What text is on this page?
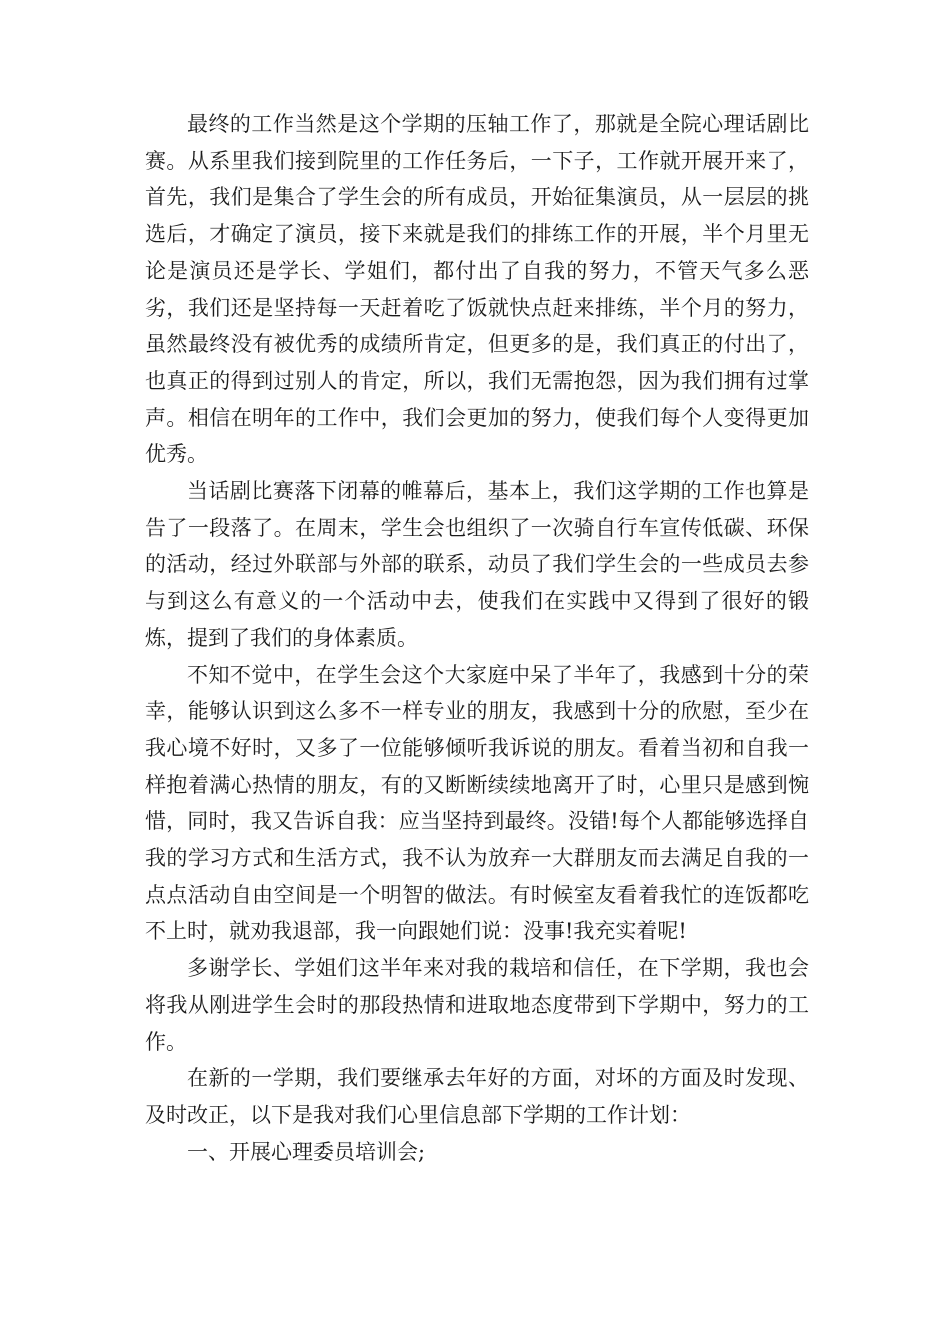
最终的工作当然是这个学期的压轴工作了，那就是全院心理话剧比赛。从系里我们接到院里的工作任务后，一下子，工作就开展开来了，首先，我们是集合了学生会的所有成员，开始征集演员，从一层层的挑选后，才确定了演员，接下来就是我们的排练工作的开展，半个月里无论是演员还是学长、学姐们，都付出了自我的努力，不管天气多么恶劣，我们还是坚持每一天赶着吃了饭就快点赶来排练，半个月的努力，虽然最终没有被优秀的成绩所肯定，但更多的是，我们真正的付出了，也真正的得到过别人的肯定，所以，我们无需抱怨，因为我们拥有过掌声。相信在明年的工作中，我们会更加的努力，使我们每个人变得更加优秀。

当话剧比赛落下闭幕的帷幕后，基本上，我们这学期的工作也算是告了一段落了。在周末，学生会也组织了一次骑自行车宣传低碳、环保的活动，经过外联部与外部的联系，动员了我们学生会的一些成员去参与到这么有意义的一个活动中去，使我们在实践中又得到了很好的锻炼，提到了我们的身体素质。

不知不觉中，在学生会这个大家庭中呆了半年了，我感到十分的荣幸，能够认识到这么多不一样专业的朋友，我感到十分的欣慰，至少在我心境不好时，又多了一位能够倾听我诉说的朋友。看着当初和自我一样抱着满心热情的朋友，有的又断断续续地离开了时，心里只是感到惋惜，同时，我又告诉自我：应当坚持到最终。没错!每个人都能够选择自我的学习方式和生活方式，我不认为放弃一大群朋友而去满足自我的一点点活动自由空间是一个明智的做法。有时候室友看着我忙的连饭都吃不上时，就劝我退部，我一向跟她们说：没事!我充实着呢!

多谢学长、学姐们这半年来对我的栽培和信任，在下学期，我也会将我从刚进学生会时的那段热情和进取地态度带到下学期中，努力的工作。

在新的一学期，我们要继承去年好的方面，对坏的方面及时发现、及时改正，以下是我对我们心里信息部下学期的工作计划：

一、开展心理委员培训会;
